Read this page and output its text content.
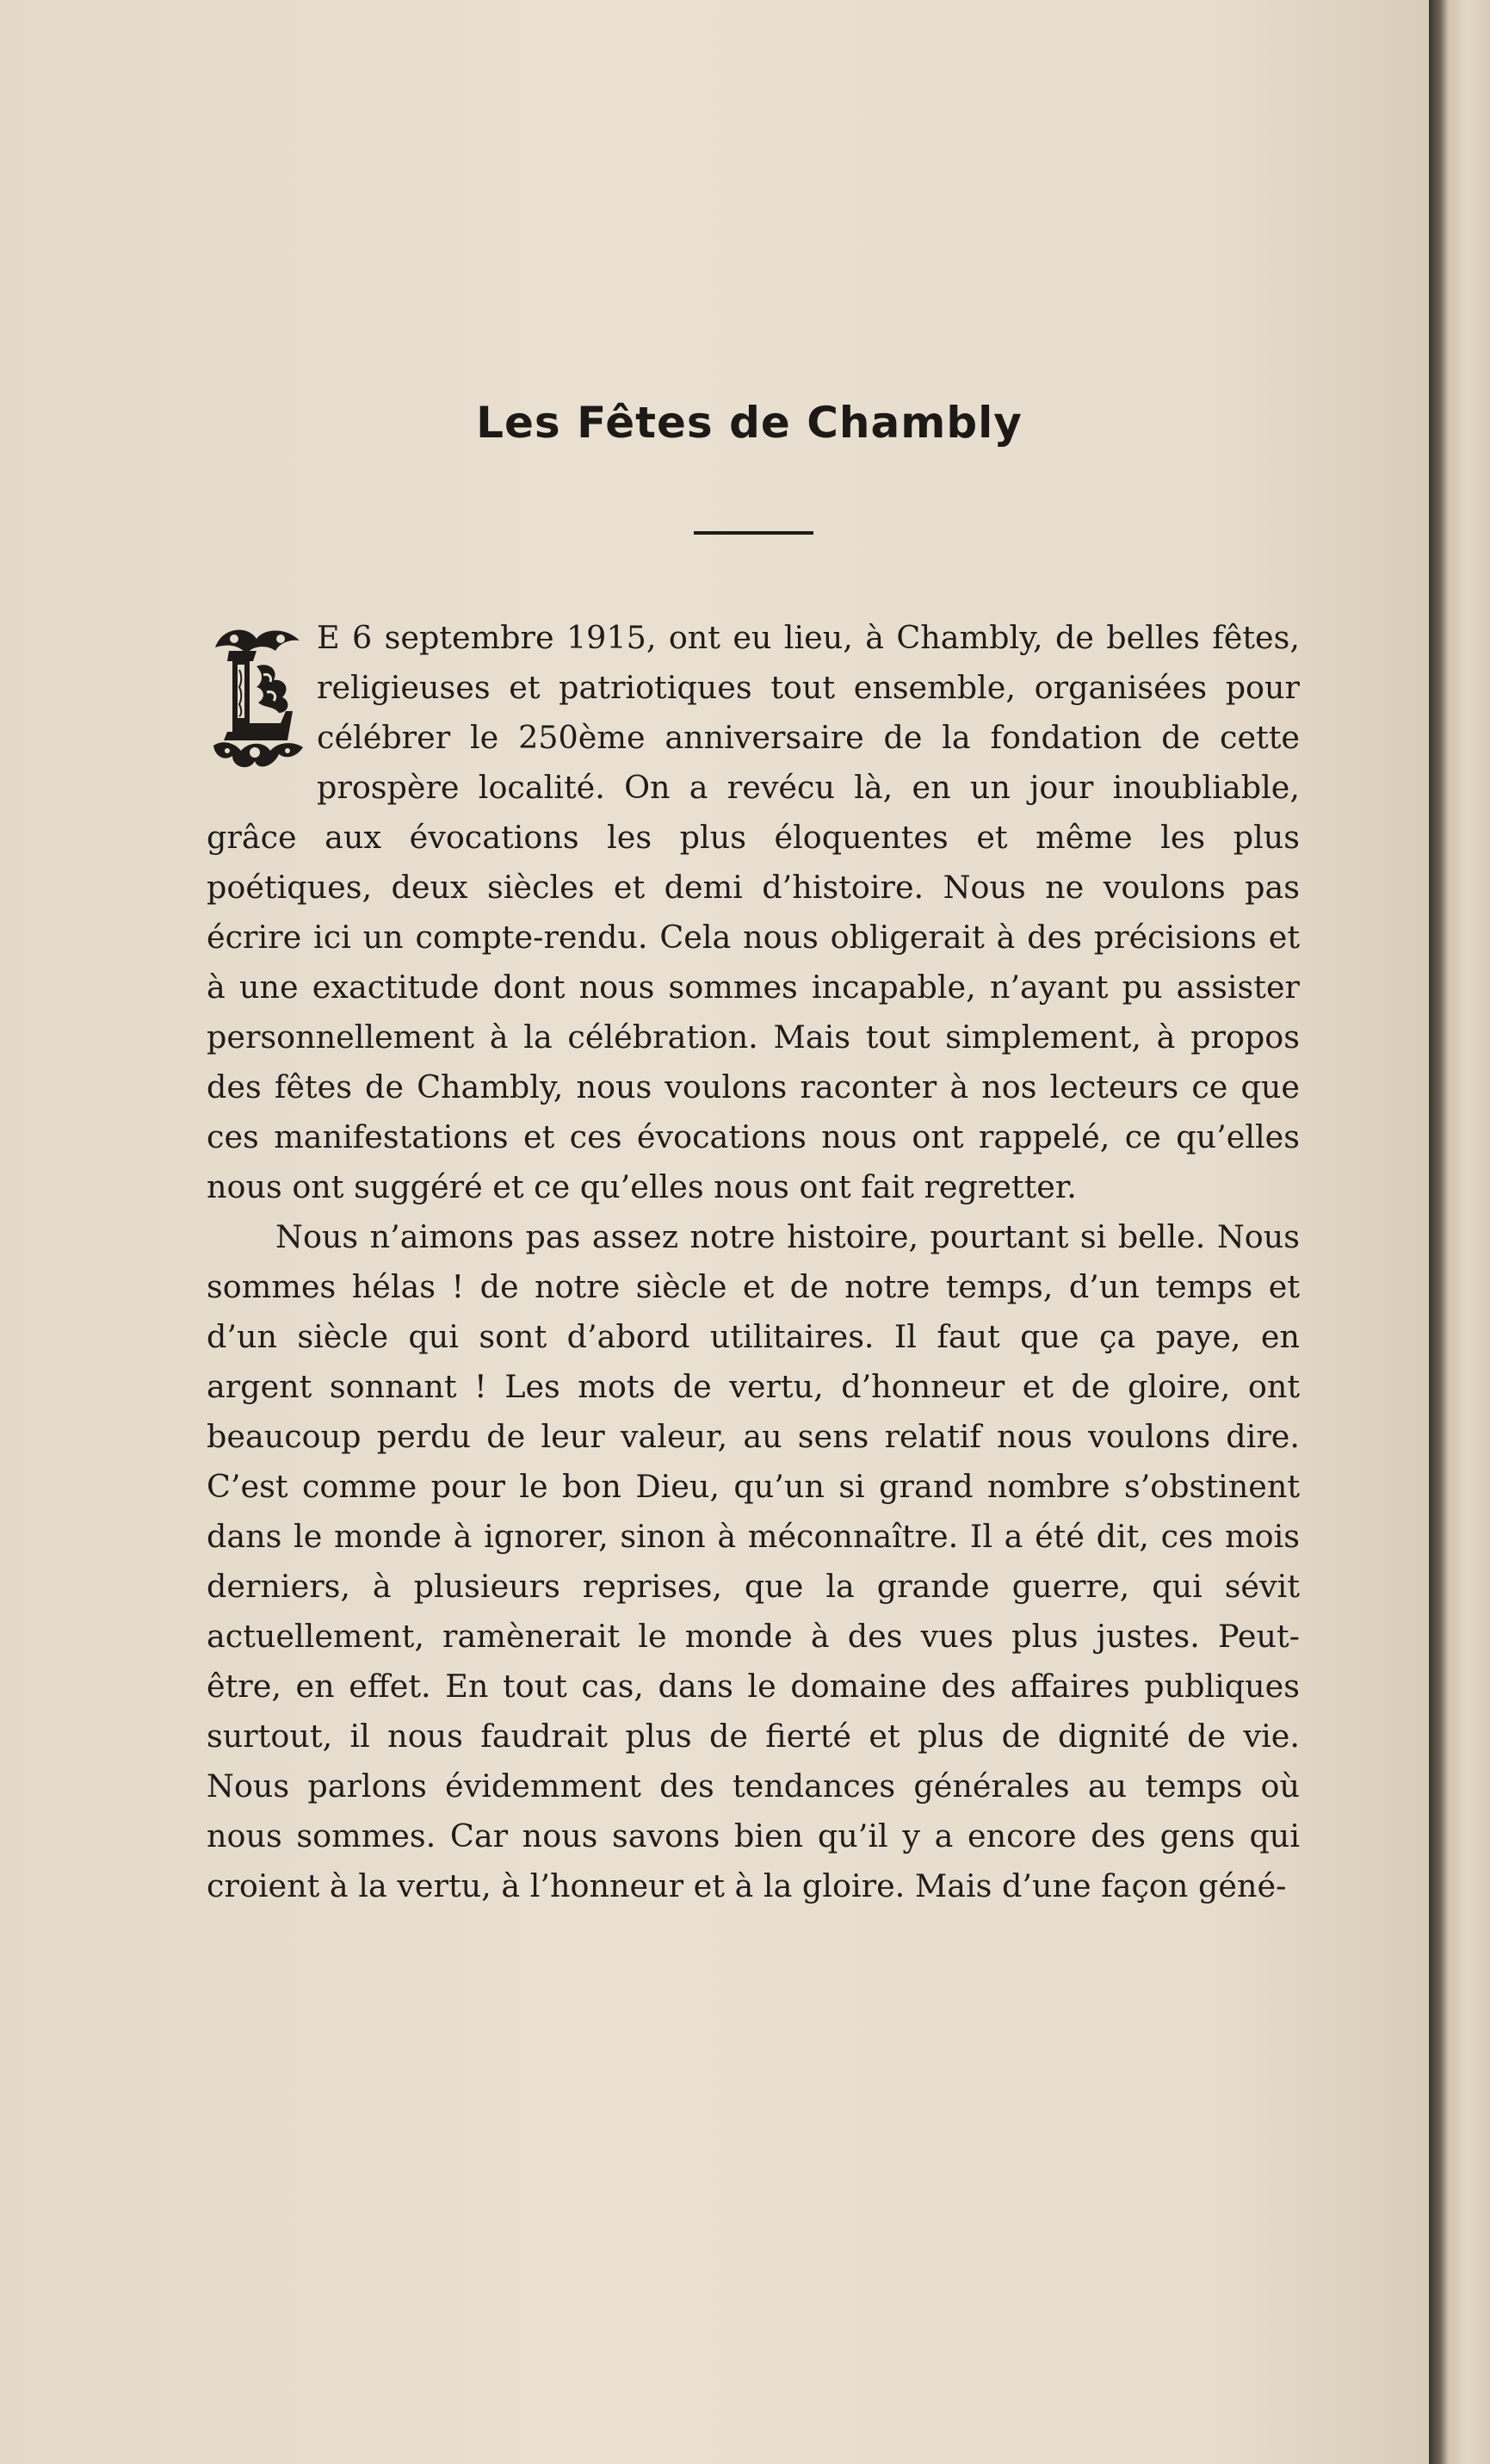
Les Fêtes de Chambly

E 6 septembre 1915, ont eu lieu, à Chambly, de belles fêtes, religieuses et patriotiques tout ensemble, organisées pour célébrer le 250ème anniversaire de la fondation de cette prospère localité. On a revécu là, en un jour inoubliable, grâce aux évocations les plus éloquentes et même les plus poétiques, deux siècles et demi d’histoire. Nous ne voulons pas écrire ici un compte-rendu. Cela nous obligerait à des précisions et à une exactitude dont nous sommes incapable, n’ayant pu assister personnellement à la célébration. Mais tout simplement, à propos des fêtes de Chambly, nous voulons raconter à nos lecteurs ce que ces manifestations et ces évocations nous ont rappelé, ce qu’elles nous ont suggéré et ce qu’elles nous ont fait regretter.

Nous n’aimons pas assez notre histoire, pourtant si belle. Nous sommes hélas ! de notre siècle et de notre temps, d’un temps et d’un siècle qui sont d’abord utilitaires. Il faut que ça paye, en argent sonnant ! Les mots de vertu, d’honneur et de gloire, ont beaucoup perdu de leur valeur, au sens relatif nous voulons dire. C’est comme pour le bon Dieu, qu’un si grand nombre s’obstinent dans le monde à ignorer, sinon à méconnaître. Il a été dit, ces mois derniers, à plusieurs reprises, que la grande guerre, qui sévit actuellement, ramènerait le monde à des vues plus justes. Peut-être, en effet. En tout cas, dans le domaine des affaires publiques surtout, il nous faudrait plus de fierté et plus de dignité de vie. Nous parlons évidemment des tendances générales au temps où nous sommes. Car nous savons bien qu’il y a encore des gens qui croient à la vertu, à l’honneur et à la gloire. Mais d’une façon géné-
